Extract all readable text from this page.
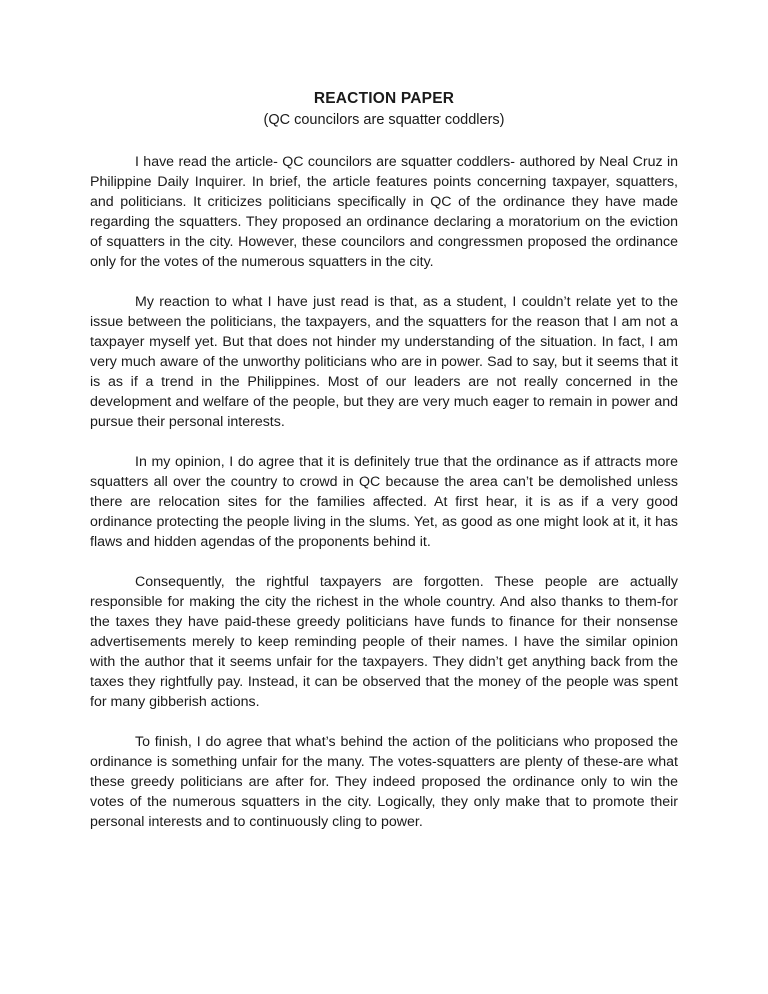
REACTION PAPER

(QC councilors are squatter coddlers)

I have read the article- QC councilors are squatter coddlers- authored by Neal Cruz in Philippine Daily Inquirer. In brief, the article features points concerning taxpayer, squatters, and politicians. It criticizes politicians specifically in QC of the ordinance they have made regarding the squatters. They proposed an ordinance declaring a moratorium on the eviction of squatters in the city. However, these councilors and congressmen proposed the ordinance only for the votes of the numerous squatters in the city.

My reaction to what I have just read is that, as a student, I couldn’t relate yet to the issue between the politicians, the taxpayers, and the squatters for the reason that I am not a taxpayer myself yet. But that does not hinder my understanding of the situation. In fact, I am very much aware of the unworthy politicians who are in power. Sad to say, but it seems that it is as if a trend in the Philippines. Most of our leaders are not really concerned in the development and welfare of the people, but they are very much eager to remain in power and pursue their personal interests.

In my opinion, I do agree that it is definitely true that the ordinance as if attracts more squatters all over the country to crowd in QC because the area can’t be demolished unless there are relocation sites for the families affected. At first hear, it is as if a very good ordinance protecting the people living in the slums. Yet, as good as one might look at it, it has flaws and hidden agendas of the proponents behind it.

Consequently, the rightful taxpayers are forgotten. These people are actually responsible for making the city the richest in the whole country. And also thanks to them-for the taxes they have paid-these greedy politicians have funds to finance for their nonsense advertisements merely to keep reminding people of their names. I have the similar opinion with the author that it seems unfair for the taxpayers. They didn’t get anything back from the taxes they rightfully pay. Instead, it can be observed that the money of the people was spent for many gibberish actions.

To finish, I do agree that what’s behind the action of the politicians who proposed the ordinance is something unfair for the many. The votes-squatters are plenty of these-are what these greedy politicians are after for. They indeed proposed the ordinance only to win the votes of the numerous squatters in the city. Logically, they only make that to promote their personal interests and to continuously cling to power.
